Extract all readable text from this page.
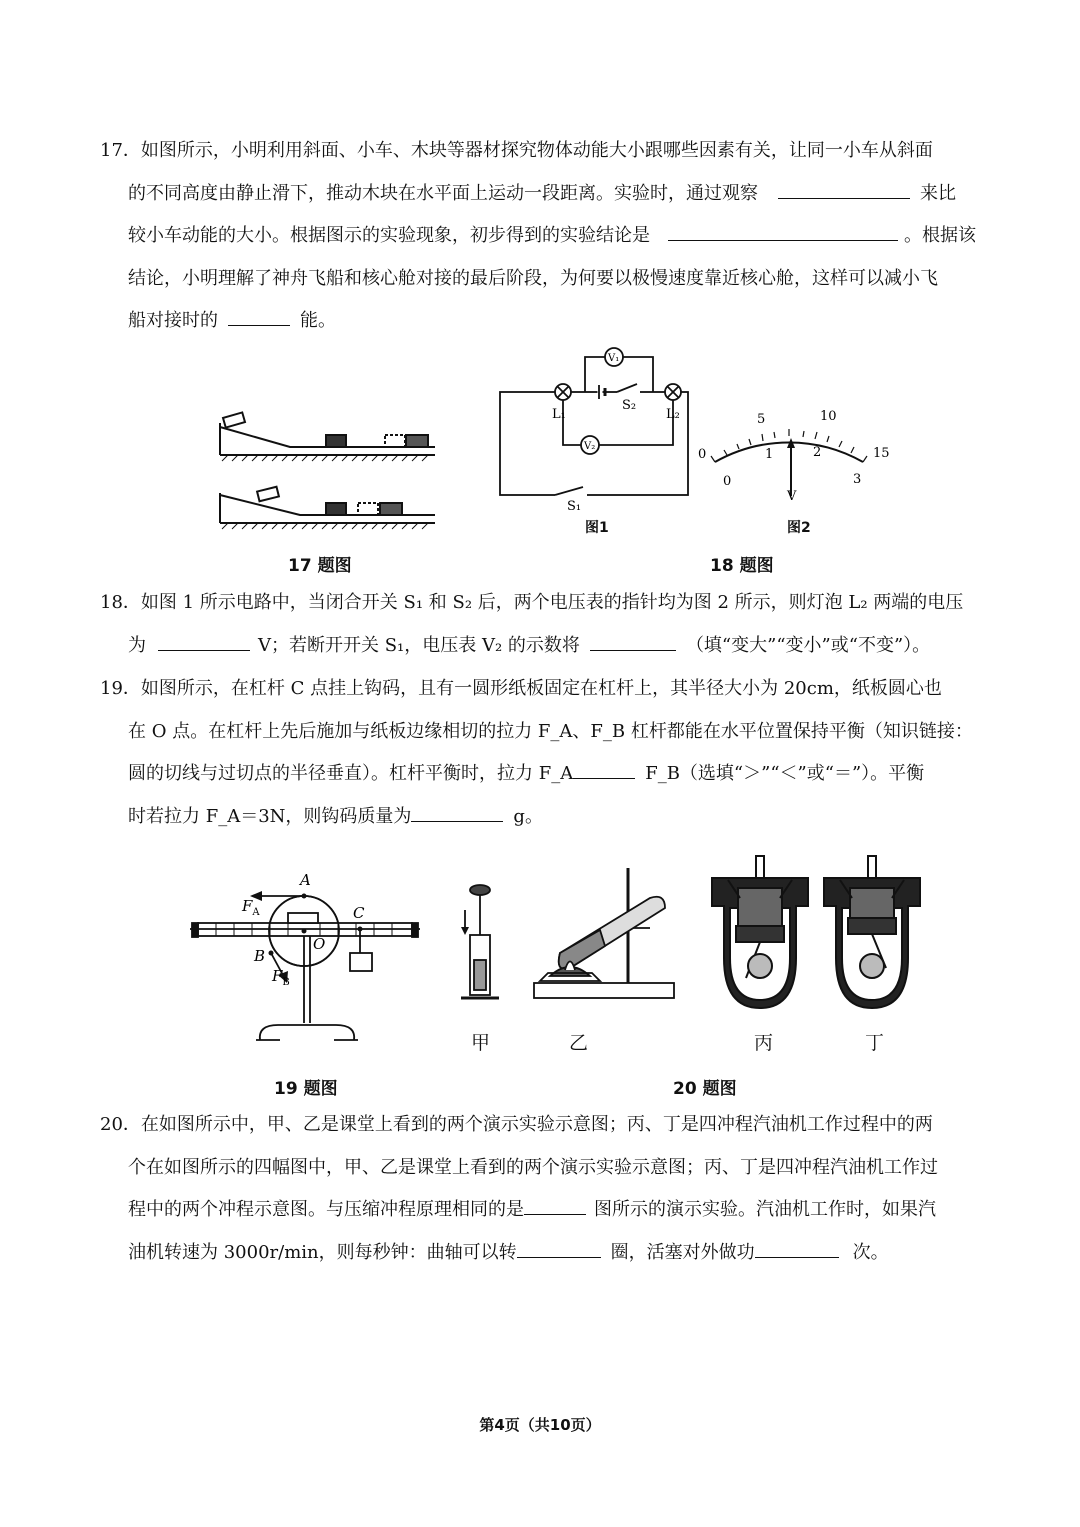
17．如图所示，小明利用斜面、小车、木块等器材探究物体动能大小跟哪些因素有关，让同一小车从斜面
的不同高度由静止滑下，推动木块在水平面上运动一段距离。实验时，通过观察	来比
较小车动能的大小。根据图示的实验现象，初步得到的实验结论是	。根据该
结论，小明理解了神舟飞船和核心舱对接的最后阶段，为何要以极慢速度靠近核心舱，这样可以减小飞
船对接时的	能。
17 题图
V₁
V₂
L₁	L₂
S₂
S₁
图1
0
5	10
15
0
1	2
3
V
图2
18 题图
18．如图 1 所示电路中，当闭合开关 S₁ 和 S₂ 后，两个电压表的指针均为图 2 所示，则灯泡 L₂ 两端的电压
为	V；若断开开关 S₁，电压表 V₂ 的示数将	（填“变大”“变小”或“不变”）。
19．如图所示，在杠杆 C 点挂上钩码，且有一圆形纸板固定在杠杆上，其半径大小为 20cm，纸板圆心也
在 O 点。在杠杆上先后施加与纸板边缘相切的拉力 F_A、F_B 杠杆都能在水平位置保持平衡（知识链接：
圆的切线与过切点的半径垂直）。杠杆平衡时，拉力 F_A	F_B（选填“＞”“＜”或“＝”）。平衡
时若拉力 F_A＝3N，则钩码质量为	g。
A
B
C
O
$F_A$
$F_B$
19 题图
甲	乙	丙	丁
20 题图
20．在如图所示中，甲、乙是课堂上看到的两个演示实验示意图；丙、丁是四冲程汽油机工作过程中的两
个在如图所示的四幅图中，甲、乙是课堂上看到的两个演示实验示意图；丙、丁是四冲程汽油机工作过
程中的两个冲程示意图。与压缩冲程原理相同的是	图所示的演示实验。汽油机工作时，如果汽
油机转速为 3000r/min，则每秒钟：曲轴可以转	圈，活塞对外做功	次。
第4页（共10页）
